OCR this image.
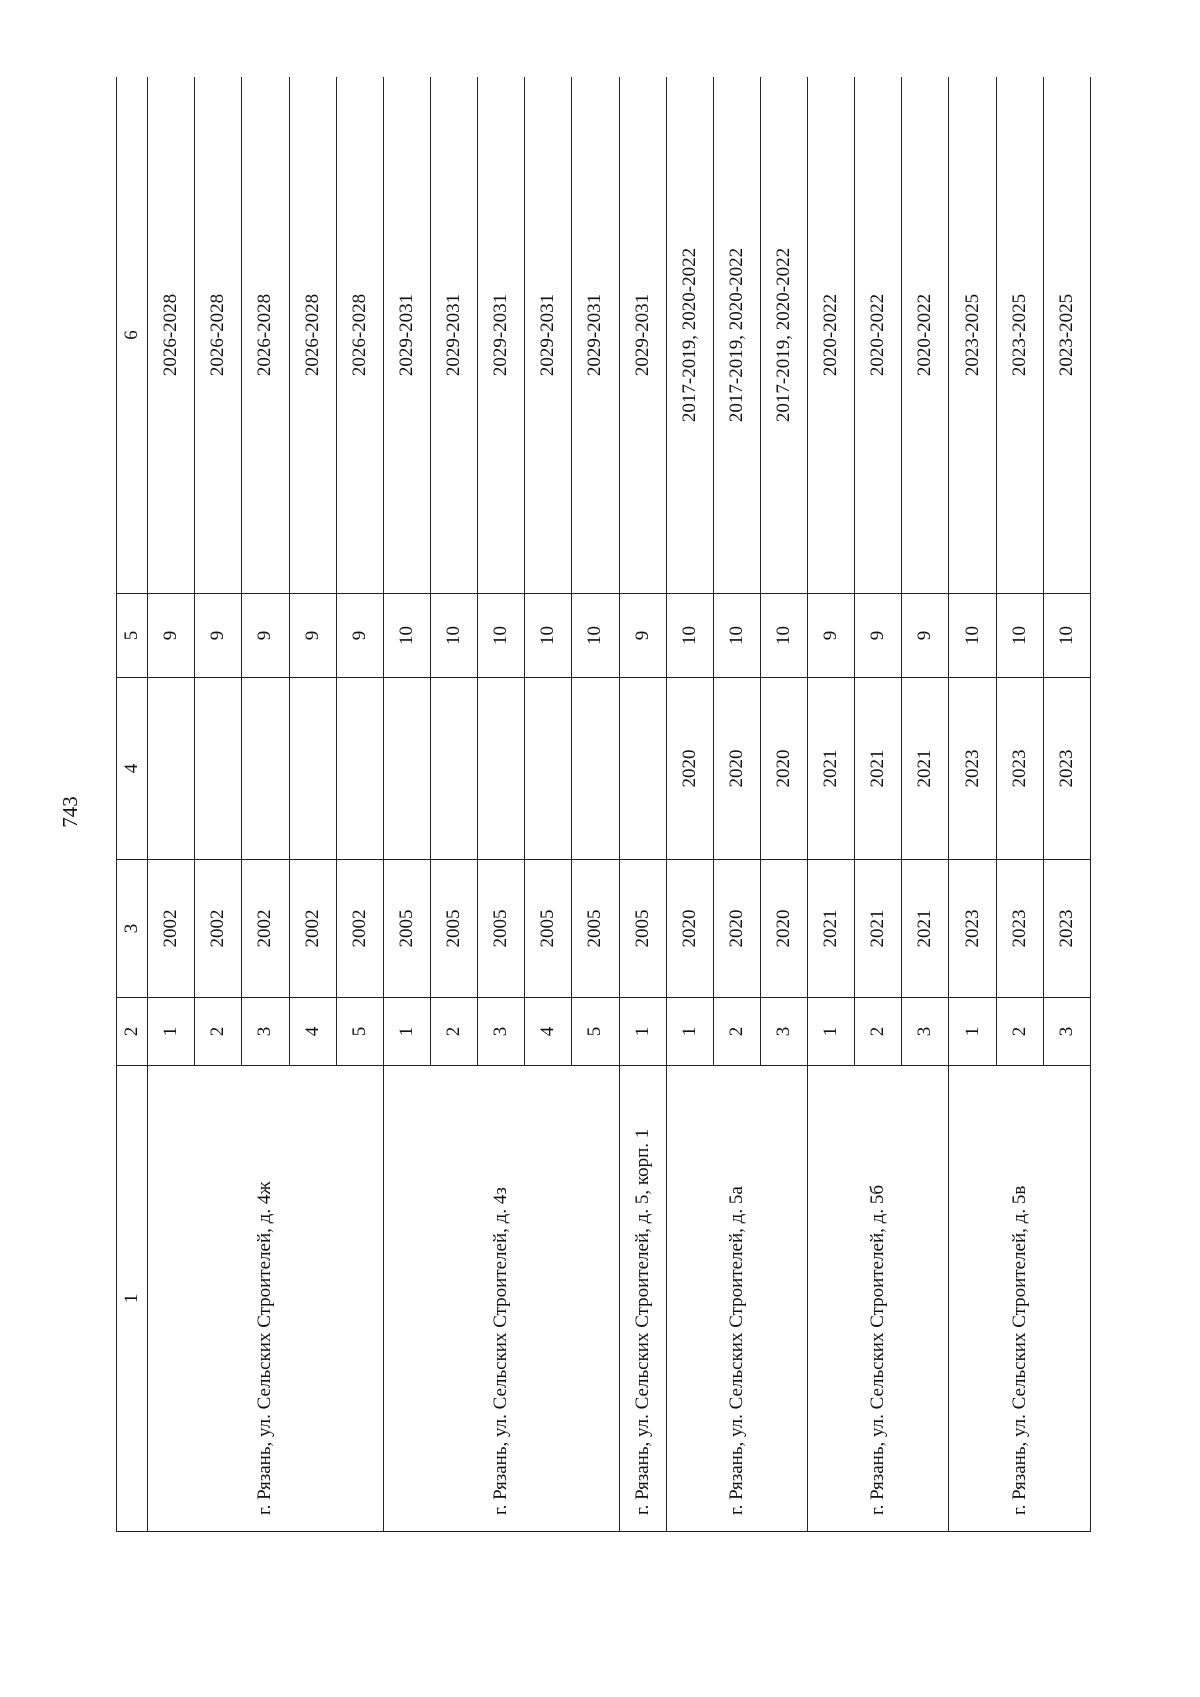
743
1	2	3	4	5	6
г. Рязань, ул. Сельских Строителей, д. 4ж	1	2002		9	2026-2028
	2	2002		9	2026-2028
	3	2002		9	2026-2028
	4	2002		9	2026-2028
	5	2002		9	2026-2028
г. Рязань, ул. Сельских Строителей, д. 4з	1	2005		10	2029-2031
	2	2005		10	2029-2031
	3	2005		10	2029-2031
	4	2005		10	2029-2031
	5	2005		10	2029-2031
г. Рязань, ул. Сельских Строителей, д. 5, корп. 1	1	2005		9	2029-2031
г. Рязань, ул. Сельских Строителей, д. 5а	1	2020	2020	10	2017-2019, 2020-2022
	2	2020	2020	10	2017-2019, 2020-2022
	3	2020	2020	10	2017-2019, 2020-2022
г. Рязань, ул. Сельских Строителей, д. 5б	1	2021	2021	9	2020-2022
	2	2021	2021	9	2020-2022
	3	2021	2021	9	2020-2022
г. Рязань, ул. Сельских Строителей, д. 5в	1	2023	2023	10	2023-2025
	2	2023	2023	10	2023-2025
	3	2023	2023	10	2023-2025
